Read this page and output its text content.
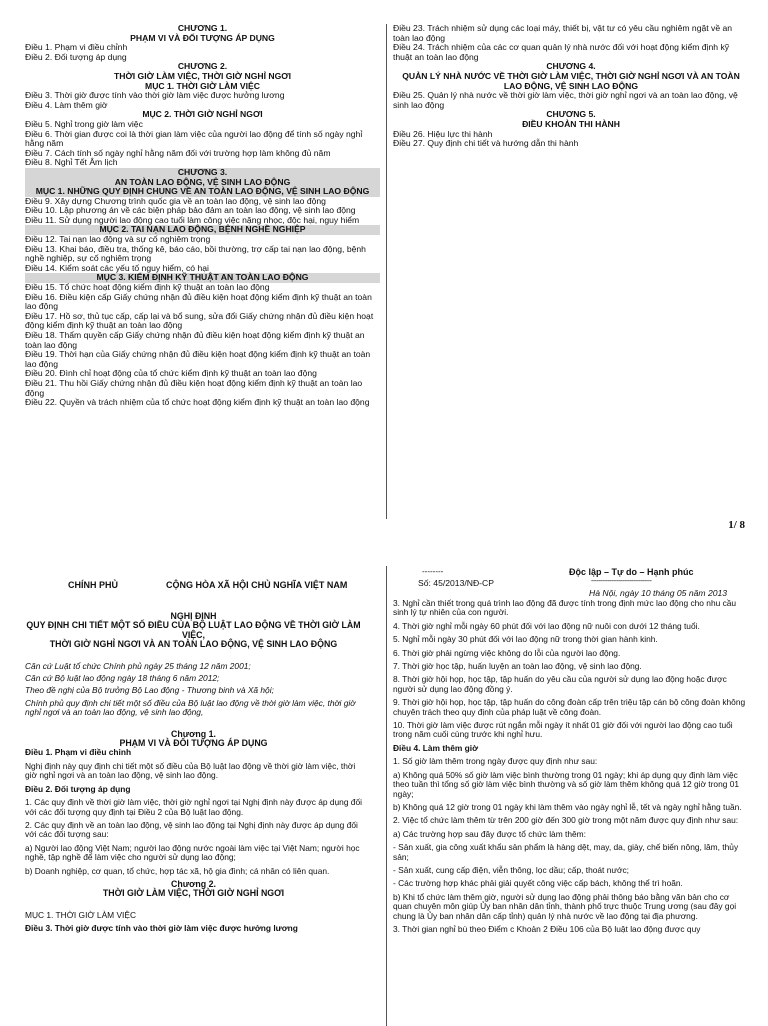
CHƯƠNG 1.
PHẠM VI VÀ ĐỐI TƯỢNG ÁP DỤNG
Điều 1. Phạm vi điều chỉnh
Điều 2. Đối tượng áp dụng
CHƯƠNG 2.
THỜI GIỜ LÀM VIỆC, THỜI GIỜ NGHỈ NGƠI
MỤC 1. THỜI GIỜ LÀM VIỆC
Điều 3. Thời giờ được tính vào thời giờ làm việc được hưởng lương
Điều 4. Làm thêm giờ
MỤC 2. THỜI GIỜ NGHỈ NGƠI
Điều 5. Nghỉ trong giờ làm việc
Điều 6. Thời gian được coi là thời gian làm việc của người lao động để tính số ngày nghỉ hằng năm
Điều 7. Cách tính số ngày nghỉ hằng năm đối với trường hợp làm không đủ năm
Điều 8. Nghỉ Tết Âm lịch
CHƯƠNG 3.
AN TOÀN LAO ĐỘNG, VỆ SINH LAO ĐỘNG
MỤC 1. NHỮNG QUY ĐỊNH CHUNG VỀ AN TOÀN LAO ĐỘNG, VỆ SINH LAO ĐỘNG
Điều 9. Xây dựng Chương trình quốc gia về an toàn lao động, vệ sinh lao động
Điều 10. Lập phương án về các biện pháp bảo đảm an toàn lao động, vệ sinh lao động
Điều 11. Sử dụng người lao động cao tuổi làm công việc nặng nhọc, độc hại, nguy hiểm
MỤC 2. TAI NẠN LAO ĐỘNG, BỆNH NGHỀ NGHIỆP
Điều 12. Tai nạn lao động và sự cố nghiêm trọng
Điều 13. Khai báo, điều tra, thống kê, báo cáo, bồi thường, trợ cấp tai nạn lao động, bệnh nghề nghiệp, sự cố nghiêm trọng
Điều 14. Kiểm soát các yếu tố nguy hiểm, có hại
MỤC 3. KIỂM ĐỊNH KỸ THUẬT AN TOÀN LAO ĐỘNG
Điều 15. Tổ chức hoạt động kiểm định kỹ thuật an toàn lao động
Điều 16. Điều kiện cấp Giấy chứng nhận đủ điều kiện hoạt động kiểm định kỹ thuật an toàn lao động
Điều 17. Hồ sơ, thủ tục cấp, cấp lại và bổ sung, sửa đổi Giấy chứng nhận đủ điều kiện hoạt động kiểm định kỹ thuật an toàn lao động
Điều 18. Thẩm quyền cấp Giấy chứng nhận đủ điều kiện hoạt động kiểm định kỹ thuật an toàn lao động
Điều 19. Thời hạn của Giấy chứng nhận đủ điều kiện hoạt động kiểm định kỹ thuật an toàn lao động
Điều 20. Đình chỉ hoạt động của tổ chức kiểm định kỹ thuật an toàn lao động
Điều 21. Thu hồi Giấy chứng nhận đủ điều kiện hoạt động kiểm định kỹ thuật an toàn lao động
Điều 22. Quyền và trách nhiệm của tổ chức hoạt động kiểm định kỹ thuật an toàn lao động
Điều 23. Trách nhiệm sử dụng các loại máy, thiết bị, vật tư có yêu cầu nghiêm ngặt về an toàn lao động
Điều 24. Trách nhiệm của các cơ quan quản lý nhà nước đối với hoạt động kiểm định kỹ thuật an toàn lao động
CHƯƠNG 4.
QUẢN LÝ NHÀ NƯỚC VỀ THỜI GIỜ LÀM VIỆC, THỜI GIỜ NGHỈ NGƠI VÀ AN TOÀN LAO ĐỘNG, VỆ SINH LAO ĐỘNG
Điều 25. Quản lý nhà nước về thời giờ làm việc, thời giờ nghỉ ngơi và an toàn lao động, vệ sinh lao động
CHƯƠNG 5.
ĐIỀU KHOẢN THI HÀNH
Điều 26. Hiệu lực thi hành
Điều 27. Quy định chi tiết và hướng dẫn thi hành
1/ 8
CHÍNH PHỦ	CỘNG HÒA XÃ HỘI CHỦ NGHĨA VIỆT NAM
--------
Số: 45/2013/NĐ-CP
Độc lập – Tự do – Hạnh phúc
---------------------------------
Hà Nội, ngày 10 tháng 05 năm 2013
NGHỊ ĐỊNH
QUY ĐỊNH CHI TIẾT MỘT SỐ ĐIỀU CỦA BỘ LUẬT LAO ĐỘNG VỀ THỜI GIỜ LÀM VIỆC,
THỜI GIỜ NGHỈ NGƠI VÀ AN TOÀN LAO ĐỘNG, VỆ SINH LAO ĐỘNG
Căn cứ Luật tổ chức Chính phủ ngày 25 tháng 12 năm 2001;
Căn cứ Bộ luật lao động ngày 18 tháng 6 năm 2012;
Theo đề nghị của Bộ trưởng Bộ Lao động - Thương binh và Xã hội;
Chính phủ quy định chi tiết một số điều của Bộ luật lao động về thời giờ làm việc, thời giờ nghỉ ngơi và an toàn lao động, vệ sinh lao động,
Chương 1.
PHẠM VI VÀ ĐỐI TƯỢNG ÁP DỤNG
Điều 1. Phạm vi điều chỉnh
Nghị định này quy định chi tiết một số điều của Bộ luật lao động về thời giờ làm việc, thời giờ nghỉ ngơi và an toàn lao động, vệ sinh lao động.
Điều 2. Đối tượng áp dụng
1. Các quy định về thời giờ làm việc, thời giờ nghỉ ngơi tại Nghị định này được áp dụng đối với các đối tượng quy định tại Điều 2 của Bộ luật lao động.
2. Các quy định về an toàn lao động, vệ sinh lao động tại Nghị định này được áp dụng đối với các đối tượng sau:
a) Người lao động Việt Nam; người lao động nước ngoài làm việc tại Việt Nam; người học nghề, tập nghề để làm việc cho người sử dụng lao động;
b) Doanh nghiệp, cơ quan, tổ chức, hợp tác xã, hộ gia đình; cá nhân có liên quan.
Chương 2.
THỜI GIỜ LÀM VIỆC, THỜI GIỜ NGHỈ NGƠI
MỤC 1. THỜI GIỜ LÀM VIỆC
Điều 3. Thời giờ được tính vào thời giờ làm việc được hưởng lương
3. Nghỉ cần thiết trong quá trình lao động đã được tính trong định mức lao động cho nhu cầu sinh lý tự nhiên của con người.
4. Thời giờ nghỉ mỗi ngày 60 phút đối với lao động nữ nuôi con dưới 12 tháng tuổi.
5. Nghỉ mỗi ngày 30 phút đối với lao động nữ trong thời gian hành kinh.
6. Thời giờ phải ngừng việc không do lỗi của người lao động.
7. Thời giờ học tập, huấn luyện an toàn lao động, vệ sinh lao động.
8. Thời giờ hội họp, học tập, tập huấn do yêu cầu của người sử dụng lao động hoặc được người sử dụng lao động đồng ý.
9. Thời giờ hội họp, học tập, tập huấn do công đoàn cấp trên triệu tập cán bộ công đoàn không chuyên trách theo quy định của pháp luật về công đoàn.
10. Thời giờ làm việc được rút ngắn mỗi ngày ít nhất 01 giờ đối với người lao động cao tuổi trong năm cuối cùng trước khi nghỉ hưu.
Điều 4. Làm thêm giờ
1. Số giờ làm thêm trong ngày được quy định như sau:
a) Không quá 50% số giờ làm việc bình thường trong 01 ngày; khi áp dụng quy định làm việc theo tuần thì tổng số giờ làm việc bình thường và số giờ làm thêm không quá 12 giờ trong 01 ngày;
b) Không quá 12 giờ trong 01 ngày khi làm thêm vào ngày nghỉ lễ, tết và ngày nghỉ hằng tuần.
2. Việc tổ chức làm thêm từ trên 200 giờ đến 300 giờ trong một năm được quy định như sau:
a) Các trường hợp sau đây được tổ chức làm thêm:
- Sản xuất, gia công xuất khẩu sản phẩm là hàng dệt, may, da, giày, chế biến nông, lâm, thủy sản;
- Sản xuất, cung cấp điện, viễn thông, lọc dầu; cấp, thoát nước;
- Các trường hợp khác phải giải quyết công việc cấp bách, không thể trì hoãn.
b) Khi tổ chức làm thêm giờ, người sử dụng lao động phải thông báo bằng văn bản cho cơ quan chuyên môn giúp Ủy ban nhân dân tỉnh, thành phố trực thuộc Trung ương (sau đây gọi chung là Ủy ban nhân dân cấp tỉnh) quản lý nhà nước về lao động tại địa phương.
3. Thời gian nghỉ bù theo Điểm c Khoản 2 Điều 106 của Bộ luật lao động được quy
